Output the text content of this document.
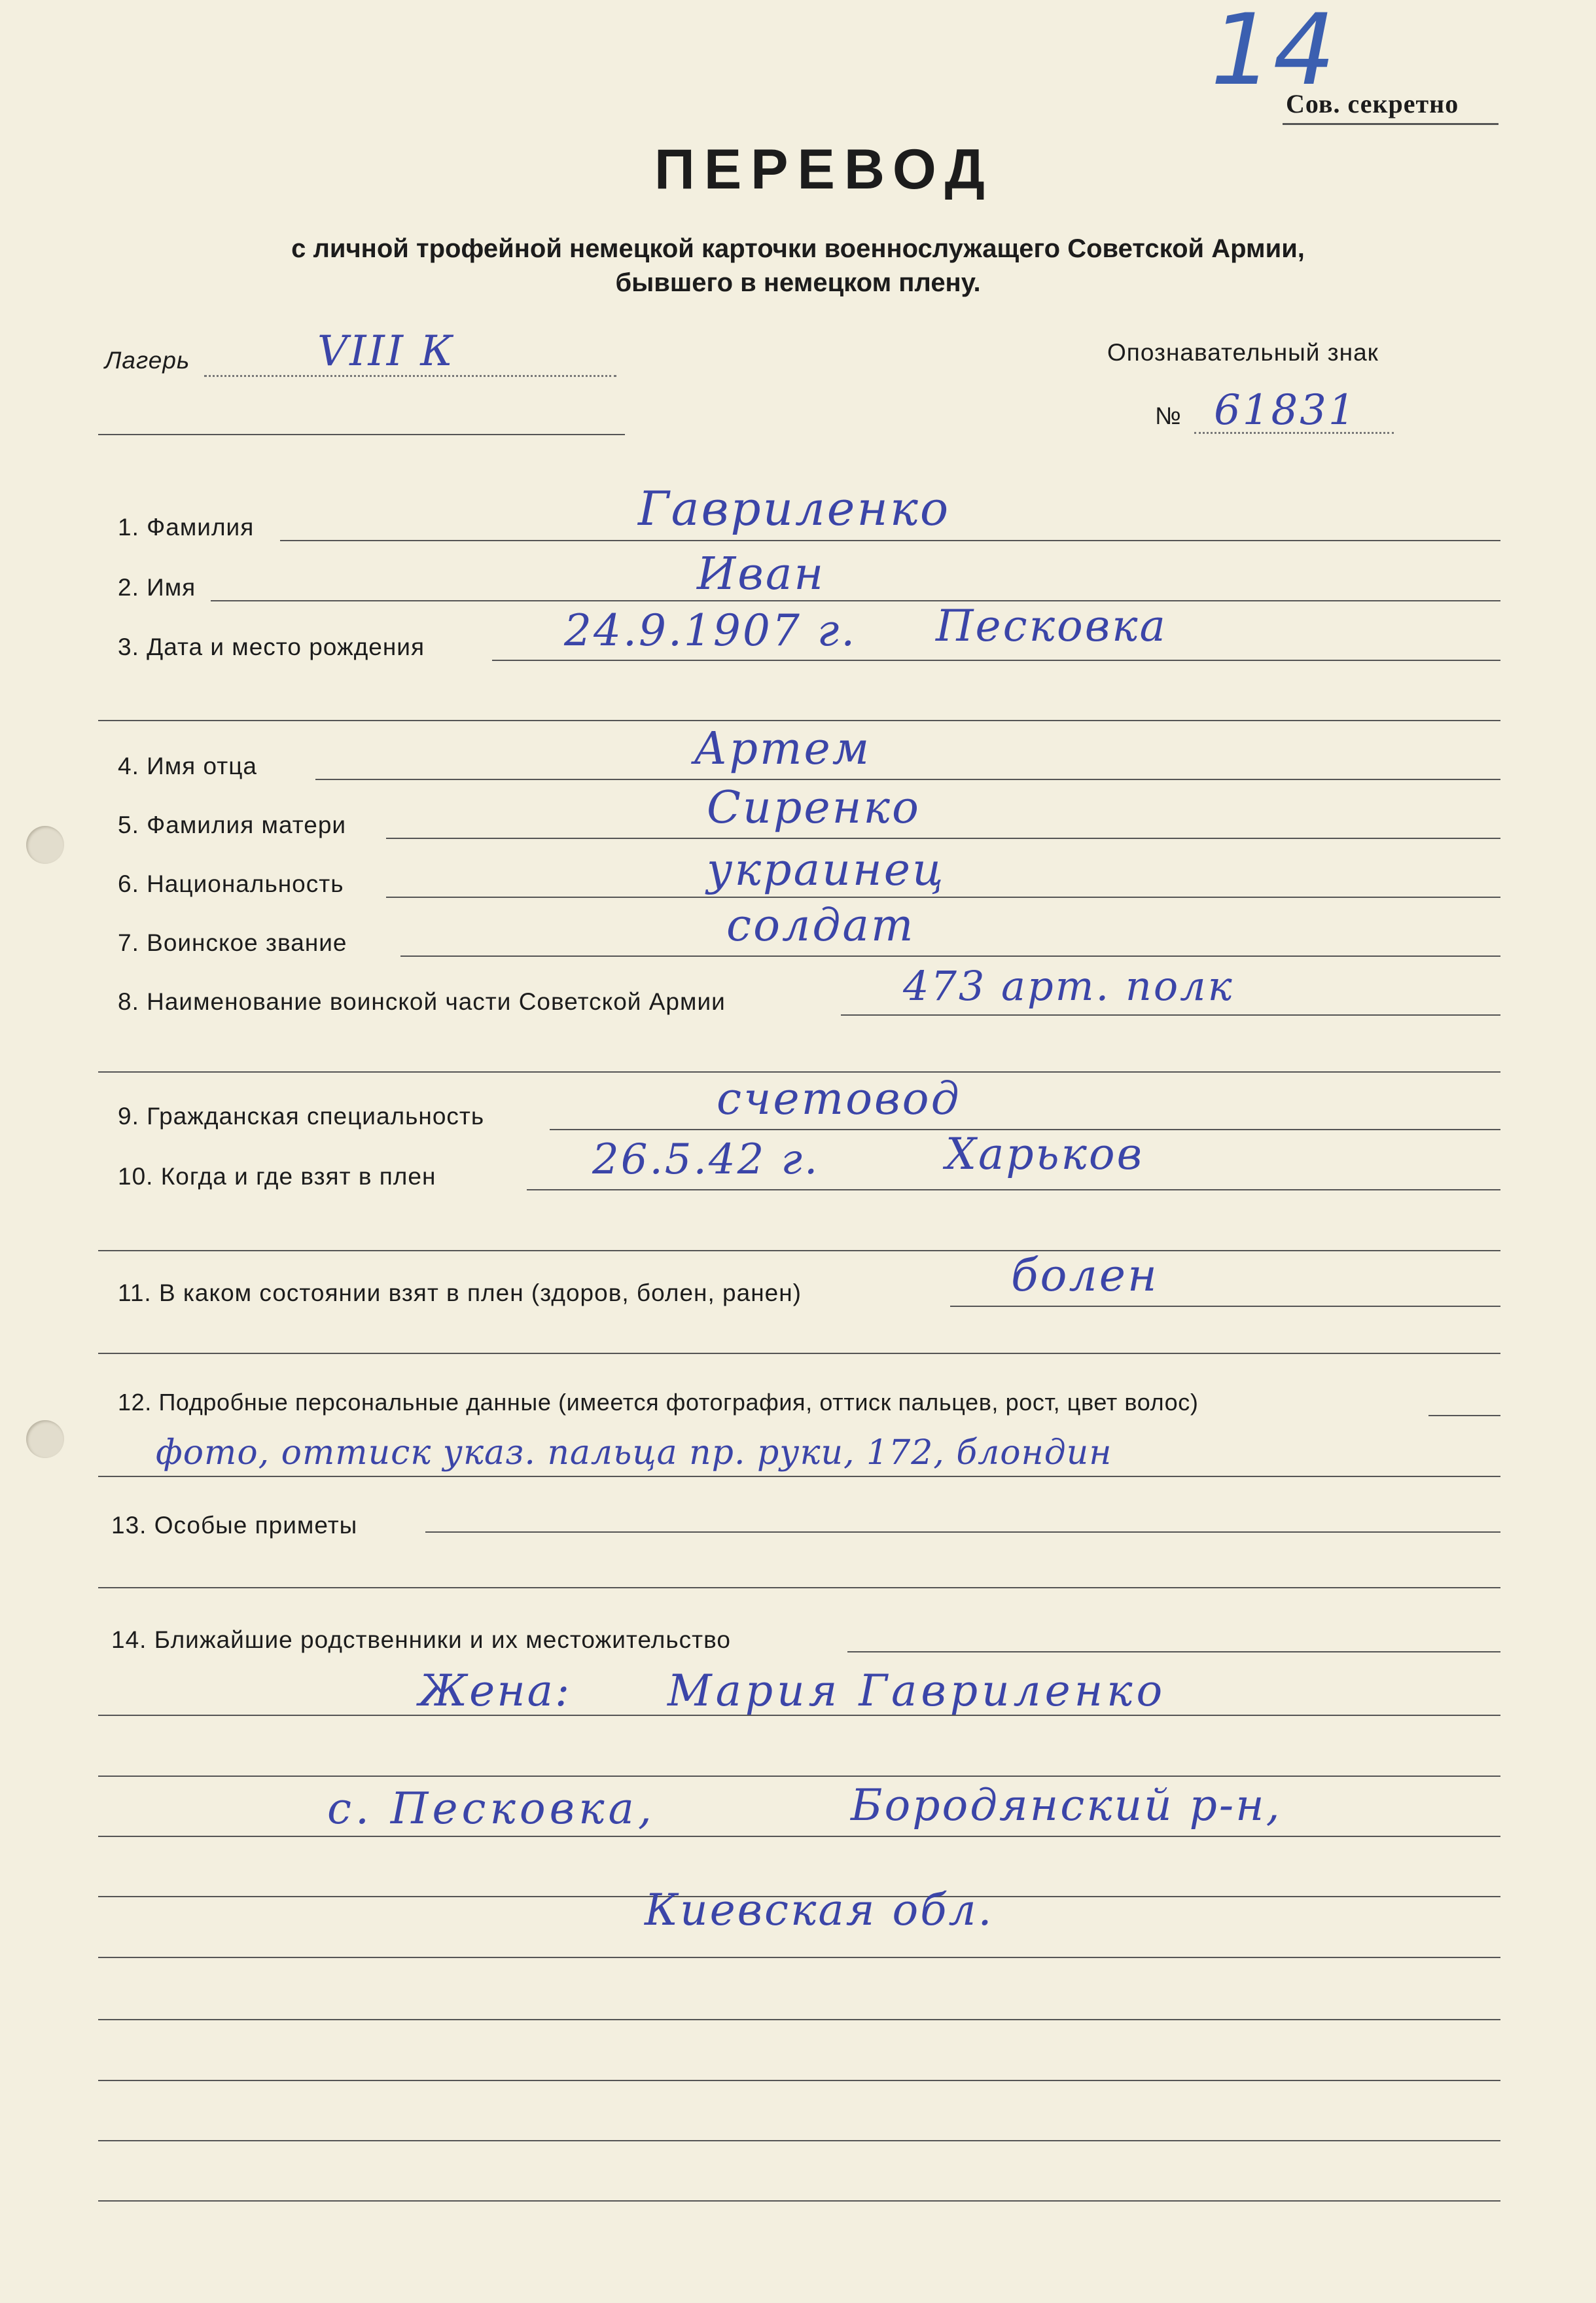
14
Сов. секретно
ПЕРЕВОД
с личной трофейной немецкой карточки военнослужащего Советской Армии,
бывшего в немецком плену.
Лагерь	VIII К	Опознавательный знак
№ 61831
1. Фамилия	Гавриленко
2. Имя	Иван
3. Дата и место рождения	24.9.1907 г. Песковка
4. Имя отца	Артем
5. Фамилия матери	Сиренко
6. Национальность	украинец
7. Воинское звание	солдат
8. Наименование воинской части Советской Армии	473 арт. полк
9. Гражданская специальность	счетовод
10. Когда и где взят в плен	26.5.42 г.	Харьков
11. В каком состоянии взят в плен (здоров, болен, ранен)	болен
12. Подробные персональные данные (имеется фотография, оттиск пальцев, рост, цвет волос)
фото, оттиск указ. пальца пр. руки, 172, блондин
13. Особые приметы
14. Ближайшие родственники и их местожительство
Жена: Мария Гавриленко
с. Песковка,	Бородянский р-н,
Киевская обл.
